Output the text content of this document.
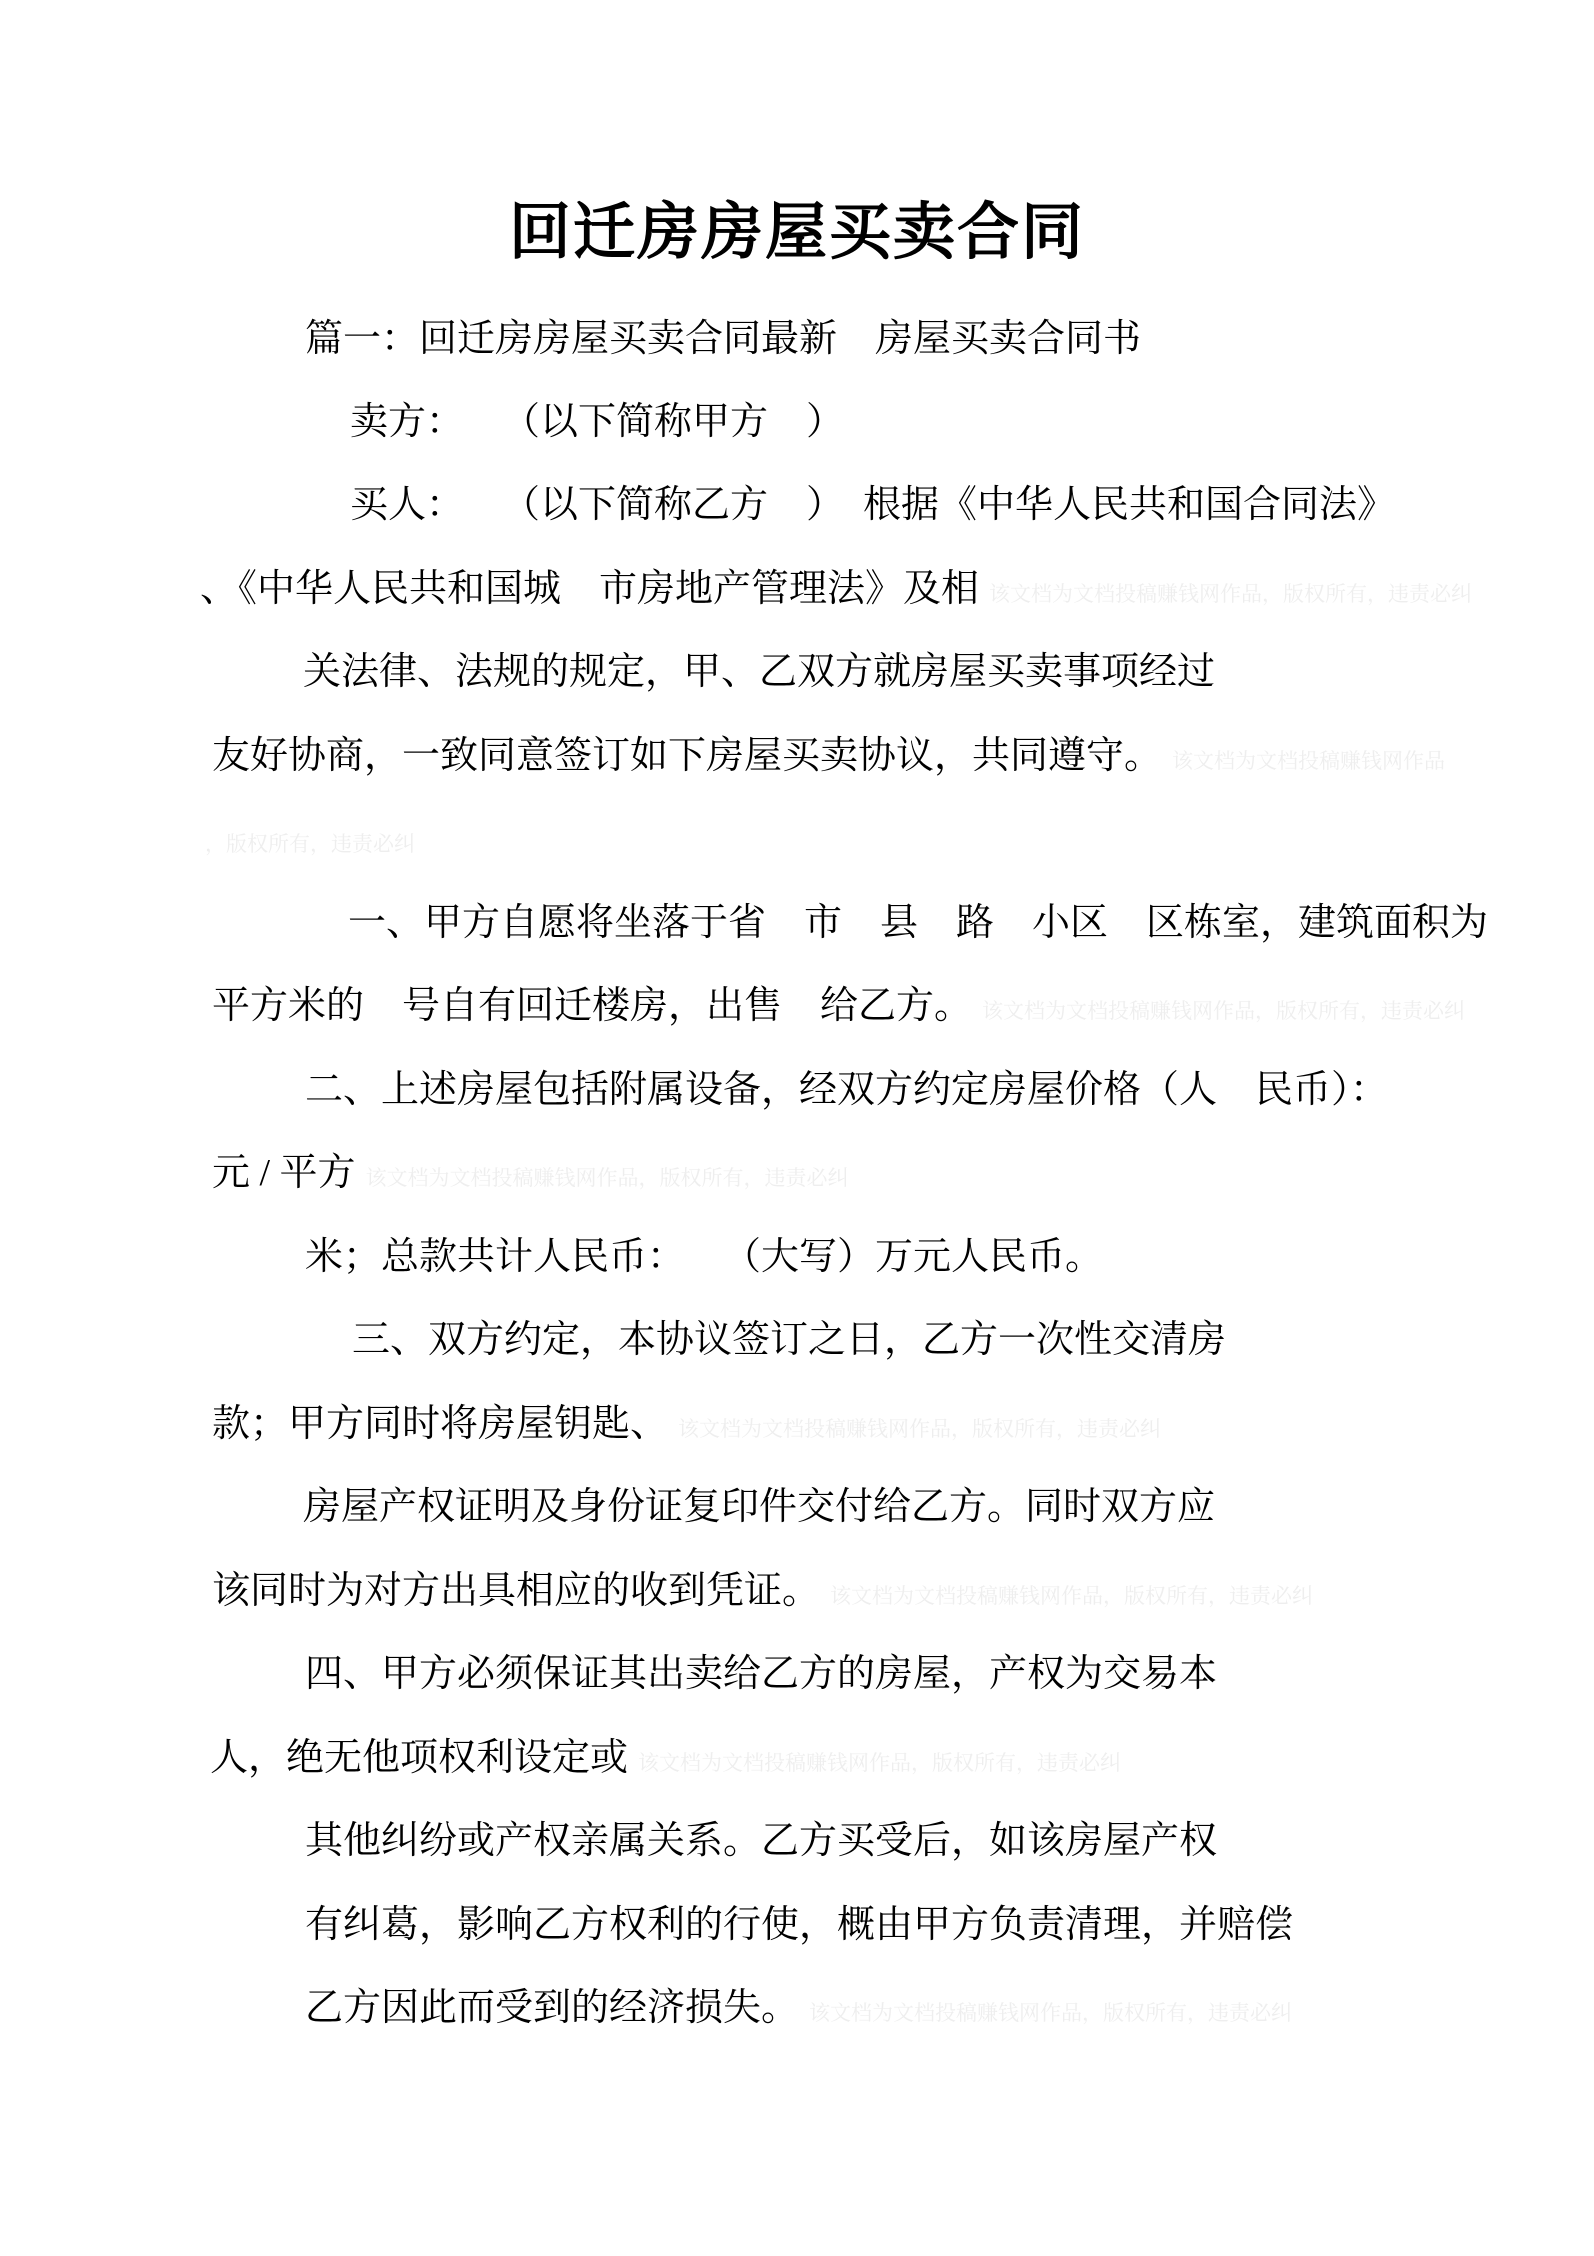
回迁房房屋买卖合同
篇一：回迁房房屋买卖合同最新　房屋买卖合同书
卖方：　　（以下简称甲方　）
买人：　　（以下简称乙方　）　根据《中华人民共和国合同法》
、《中华人民共和国城　市房地产管理法》及相 该文档为文档投稿赚钱网作品，版权所有，违责必纠
关法律、法规的规定，甲、乙双方就房屋买卖事项经过
友好协商，一致同意签订如下房屋买卖协议，共同遵守。 该文档为文档投稿赚钱网作品
，版权所有，违责必纠
一、甲方自愿将坐落于省　市　县　路　小区　区栋室，建筑面积为
平方米的　号自有回迁楼房，出售　给乙方。 该文档为文档投稿赚钱网作品，版权所有，违责必纠
二、上述房屋包括附属设备，经双方约定房屋价格（人　民币）：
元 / 平方 该文档为文档投稿赚钱网作品，版权所有，违责必纠
米；总款共计人民币：　　（大写）万元人民币。
三、双方约定，本协议签订之日，乙方一次性交清房
款；甲方同时将房屋钥匙、 该文档为文档投稿赚钱网作品，版权所有，违责必纠
房屋产权证明及身份证复印件交付给乙方。同时双方应
该同时为对方出具相应的收到凭证。 该文档为文档投稿赚钱网作品，版权所有，违责必纠
四、甲方必须保证其出卖给乙方的房屋，产权为交易本
人，绝无他项权利设定或 该文档为文档投稿赚钱网作品，版权所有，违责必纠
其他纠纷或产权亲属关系。乙方买受后，如该房屋产权
有纠葛，影响乙方权利的行使，概由甲方负责清理，并赔偿
乙方因此而受到的经济损失。 该文档为文档投稿赚钱网作品，版权所有，违责必纠
